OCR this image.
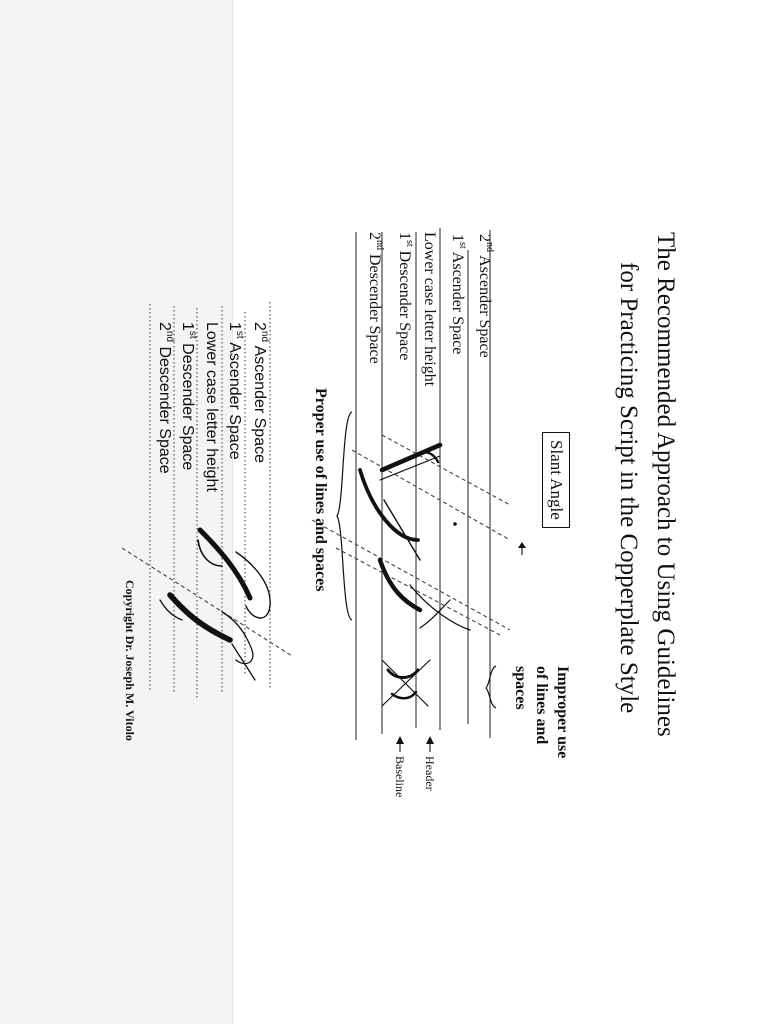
The Recommended Approach to Using Guidelines
for Practicing Script in the Copperplate Style
2nd Ascender Space
1st Ascender Space
Lower case letter height
1st Descender Space
2nd Descender Space
2nd Ascender Space
1st Ascender Space
Lower case letter height
1st Descender Space
2nd Descender Space
Slant Angle
Proper use of lines and spaces
Improper use
of lines and
spaces
Header
Baseline
Copyright Dr. Joseph M. Vitolo
